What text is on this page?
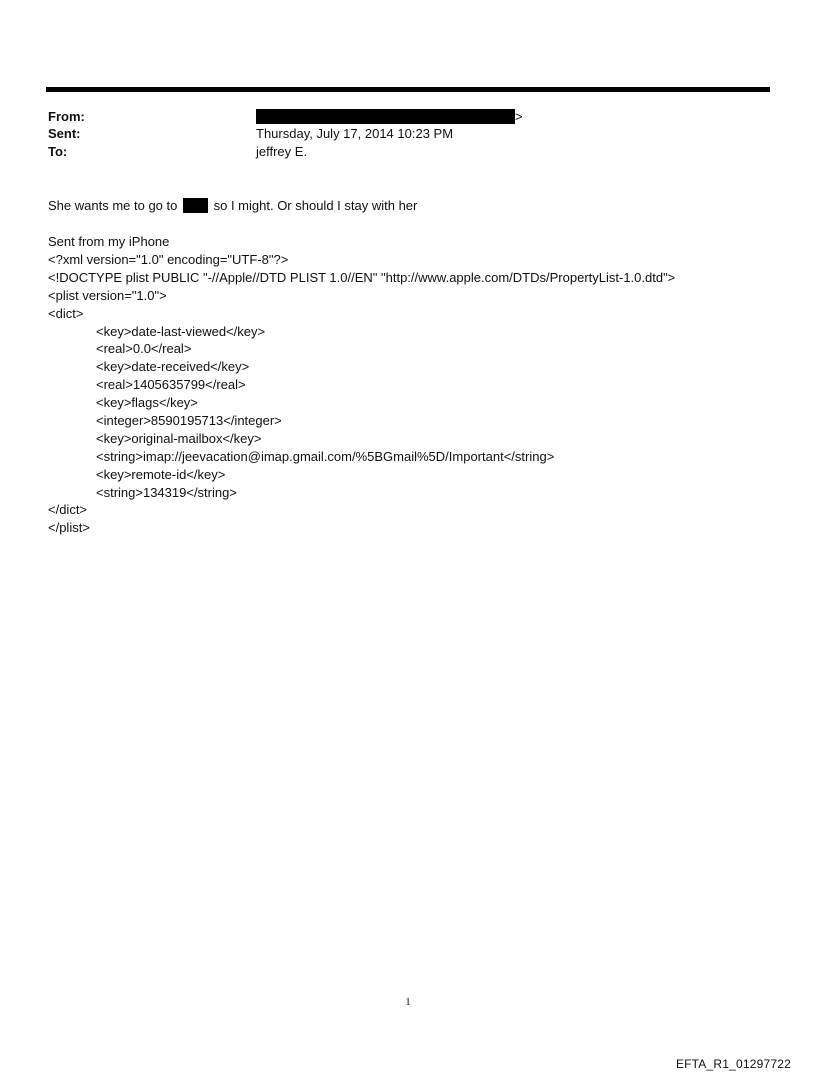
From:	>
Sent:	Thursday, July 17, 2014 10:23 PM
To:	jeffrey E.
She wants me to go to	so I might. Or should I stay with her
Sent from my iPhone
<?xml version="1.0" encoding="UTF-8"?>
<!DOCTYPE plist PUBLIC "-//Apple//DTD PLIST 1.0//EN" "http://www.apple.com/DTDs/PropertyList-1.0.dtd">
<plist version="1.0">
<dict>
<key>date-last-viewed</key>
<real>0.0</real>
<key>date-received</key>
<real>1405635799</real>
<key>flags</key>
<integer>8590195713</integer>
<key>original-mailbox</key>
<string>imap://jeevacation@imap.gmail.com/%5BGmail%5D/Important</string>
<key>remote-id</key>
<string>134319</string>
</dict>
</plist>
1
EFTA_R1_01297722
